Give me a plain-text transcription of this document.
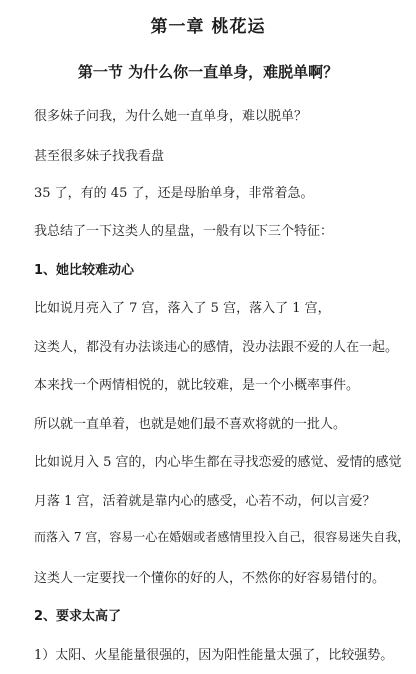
第一章 桃花运
第一节 为什么你一直单身，难脱单啊？
很多妹子问我，为什么她一直单身，难以脱单？
甚至很多妹子找我看盘
35 了，有的 45 了，还是母胎单身，非常着急。
我总结了一下这类人的星盘，一般有以下三个特征：
1、她比较难动心
比如说月亮入了 7 宫，落入了 5 宫，落入了 1 宫，
这类人，都没有办法谈违心的感情，没办法跟不爱的人在一起。
本来找一个两情相悦的，就比较难，是一个小概率事件。
所以就一直单着，也就是她们最不喜欢将就的一批人。
比如说月入 5 宫的，内心毕生都在寻找恋爱的感觉、爱情的感觉
月落 1 宫，活着就是靠内心的感受，心若不动，何以言爱？
而落入 7 宫，容易一心在婚姻或者感情里投入自己，很容易迷失自我，
这类人一定要找一个懂你的好的人，不然你的好容易错付的。
2、要求太高了
1）太阳、火星能量很强的，因为阳性能量太强了，比较强势。
